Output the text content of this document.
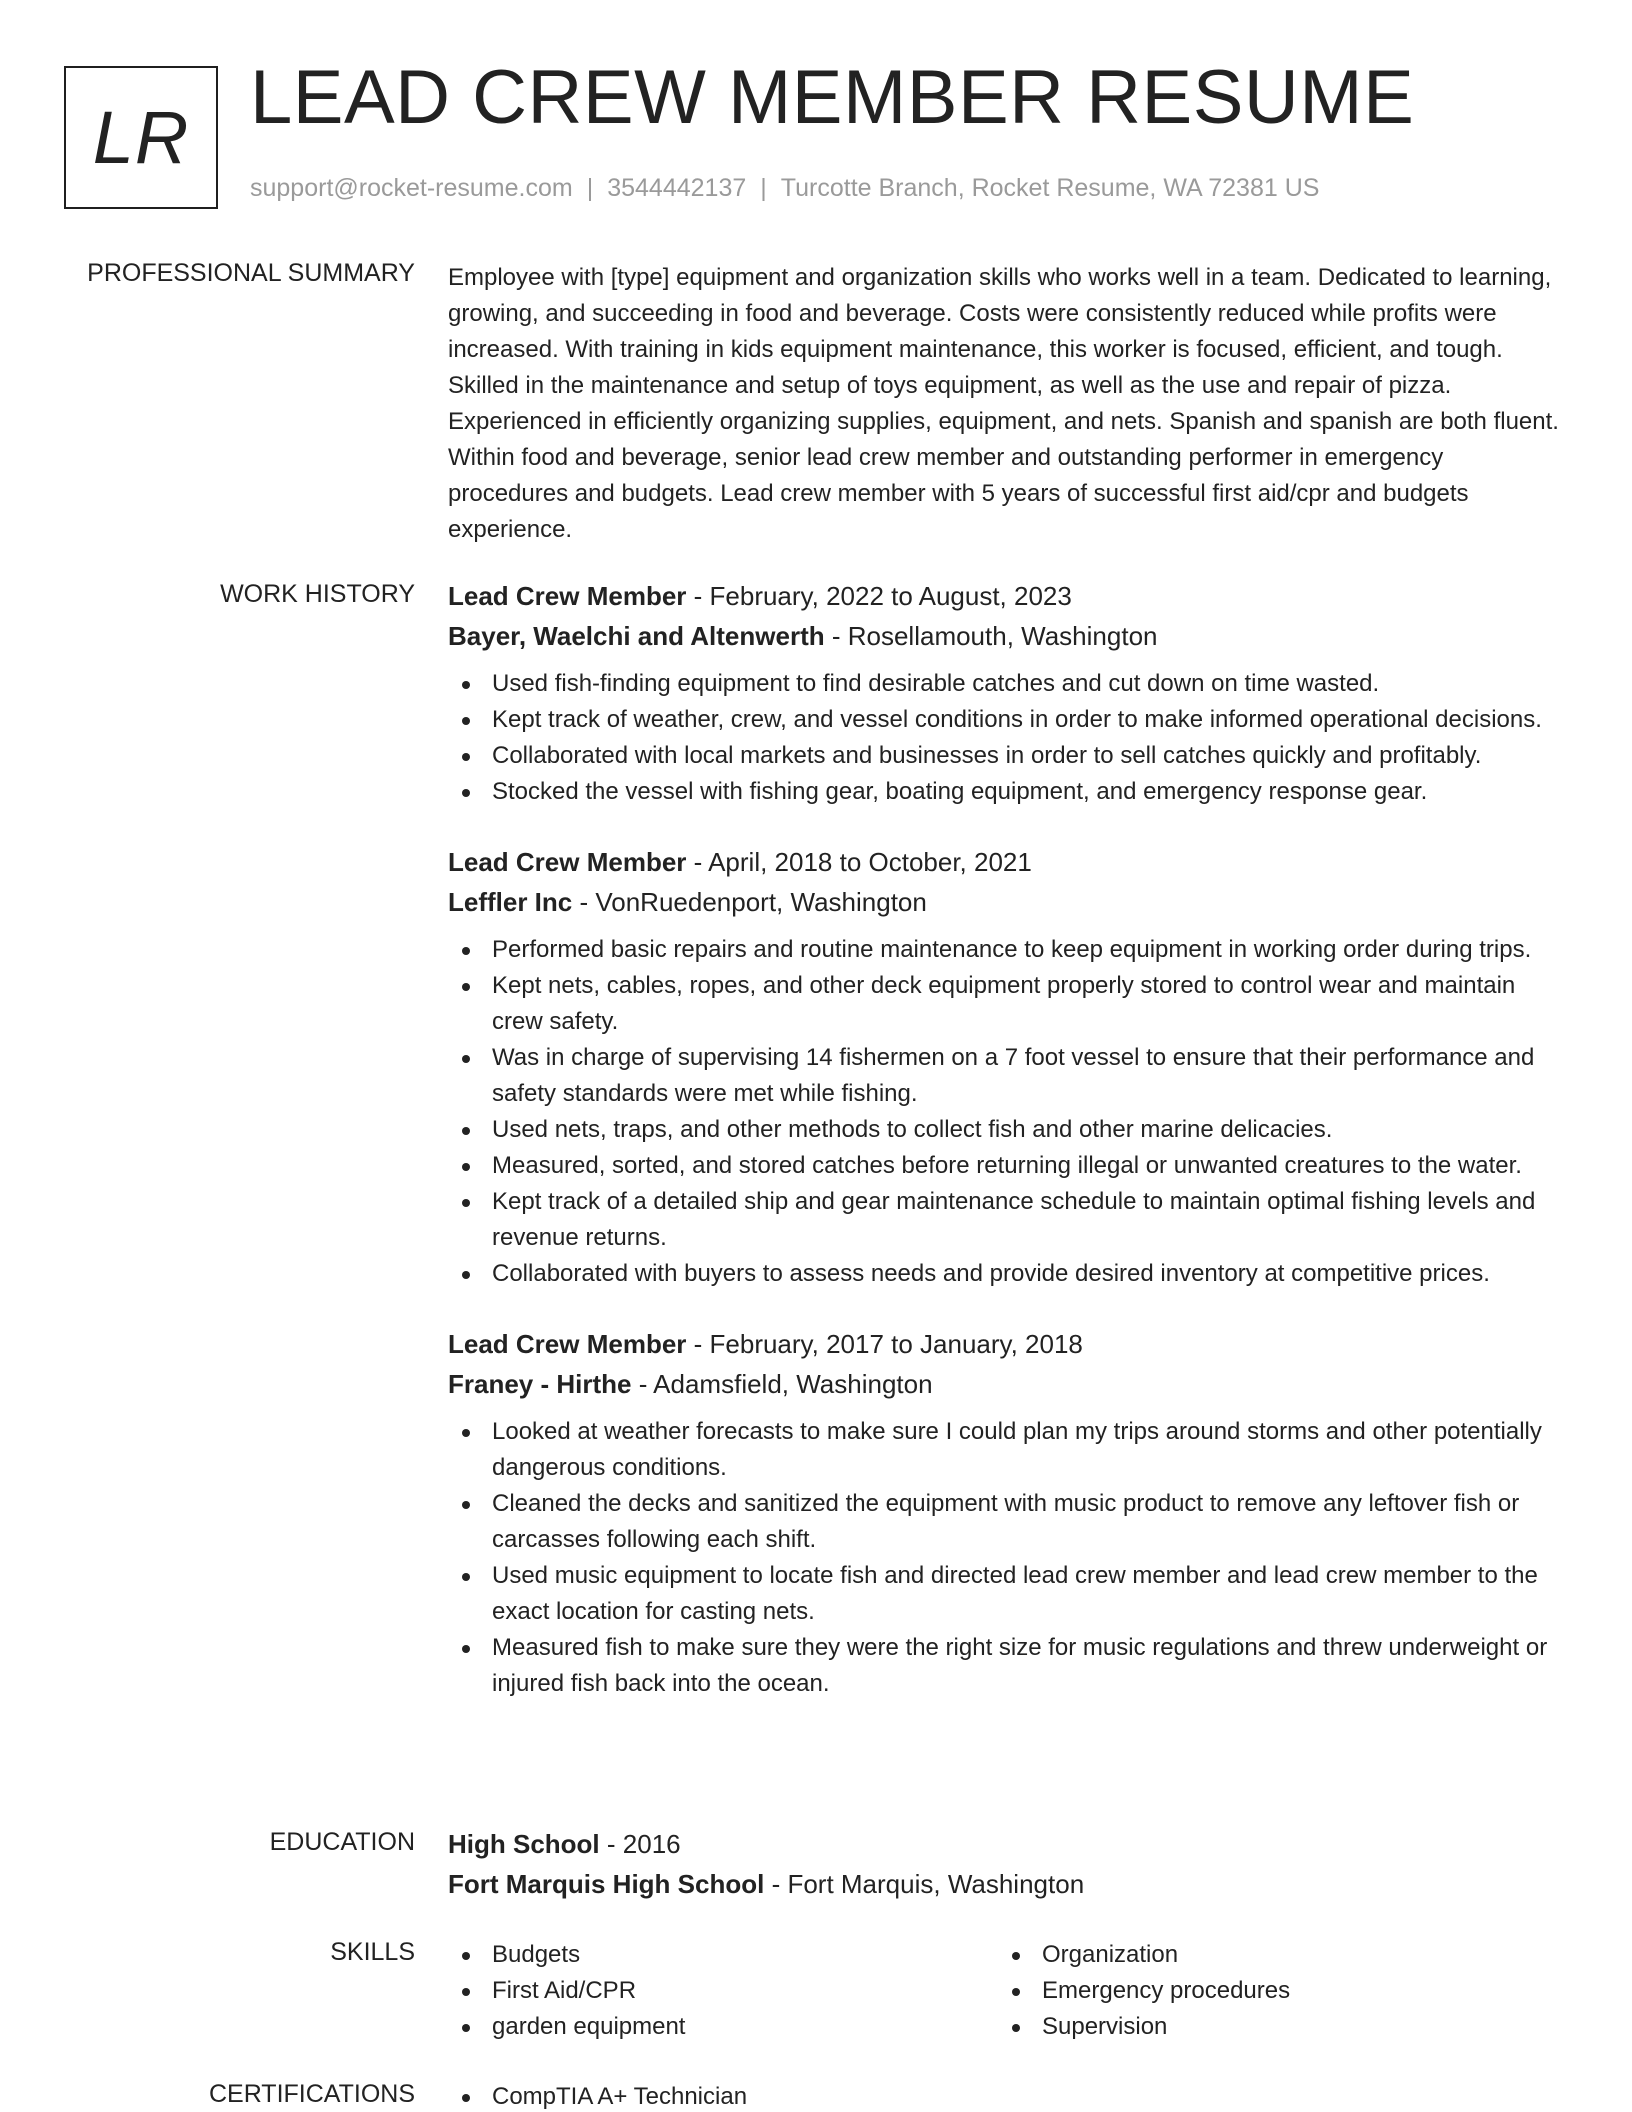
LR LEAD CREW MEMBER RESUME
support@rocket-resume.com | 3544442137 | Turcotte Branch, Rocket Resume, WA 72381 US
PROFESSIONAL SUMMARY Employee with [type] equipment and organization skills who works well in a team. Dedicated to learning, growing, and succeeding in food and beverage. Costs were consistently reduced while profits were increased. With training in kids equipment maintenance, this worker is focused, efficient, and tough. Skilled in the maintenance and setup of toys equipment, as well as the use and repair of pizza. Experienced in efficiently organizing supplies, equipment, and nets. Spanish and spanish are both fluent. Within food and beverage, senior lead crew member and outstanding performer in emergency procedures and budgets. Lead crew member with 5 years of successful first aid/cpr and budgets experience.
WORK HISTORY Lead Crew Member - February, 2022 to August, 2023
Bayer, Waelchi and Altenwerth - Rosellamouth, Washington
Used fish-finding equipment to find desirable catches and cut down on time wasted.
Kept track of weather, crew, and vessel conditions in order to make informed operational decisions.
Collaborated with local markets and businesses in order to sell catches quickly and profitably.
Stocked the vessel with fishing gear, boating equipment, and emergency response gear.
Lead Crew Member - April, 2018 to October, 2021
Leffler Inc - VonRuedenport, Washington
Performed basic repairs and routine maintenance to keep equipment in working order during trips.
Kept nets, cables, ropes, and other deck equipment properly stored to control wear and maintain crew safety.
Was in charge of supervising 14 fishermen on a 7 foot vessel to ensure that their performance and safety standards were met while fishing.
Used nets, traps, and other methods to collect fish and other marine delicacies.
Measured, sorted, and stored catches before returning illegal or unwanted creatures to the water.
Kept track of a detailed ship and gear maintenance schedule to maintain optimal fishing levels and revenue returns.
Collaborated with buyers to assess needs and provide desired inventory at competitive prices.
Lead Crew Member - February, 2017 to January, 2018
Franey - Hirthe - Adamsfield, Washington
Looked at weather forecasts to make sure I could plan my trips around storms and other potentially dangerous conditions.
Cleaned the decks and sanitized the equipment with music product to remove any leftover fish or carcasses following each shift.
Used music equipment to locate fish and directed lead crew member and lead crew member to the exact location for casting nets.
Measured fish to make sure they were the right size for music regulations and threw underweight or injured fish back into the ocean.
EDUCATION High School - 2016
Fort Marquis High School - Fort Marquis, Washington
SKILLS	Budgets
First Aid/CPR
garden equipment
Organization
Emergency procedures
Supervision
CERTIFICATIONS	CompTIA A+ Technician
